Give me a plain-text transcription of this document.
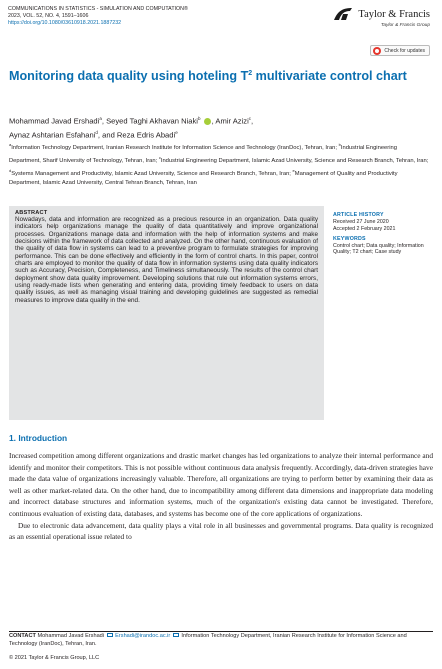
COMMUNICATIONS IN STATISTICS - SIMULATION AND COMPUTATION®
2023, VOL. 52, NO. 4, 1591–1606
https://doi.org/10.1080/03610918.2021.1887232
Taylor & Francis
Taylor & Francis Group
Check for updates
Monitoring data quality using hoteling $T^2$ multivariate control chart
Mohammad Javad Ershadi$^a$, Seyed Taghi Akhavan Niaki$^b$ , Amir Azizi$^c$,
Aynaz Ashtarian Esfahani$^d$, and Reza Edris Abadi$^e$
$^a$Information Technology Department, Iranian Research Institute for Information Science and Technology (IranDoc), Tehran, Iran; $^b$Industrial Engineering Department, Sharif University of Technology, Tehran, Iran; $^c$Industrial Engineering Department, Islamic Azad University, Science and Research Branch, Tehran, Iran; $^d$Systems Management and Productivity, Islamic Azad University, Science and Research Branch, Tehran, Iran; $^e$Management of Quality and Productivity Department, Islamic Azad University, Central Tehran Branch, Tehran, Iran
ABSTRACT
Nowadays, data and information are recognized as a precious resource in an organization. Data quality indicators help organizations manage the quality of data quantitatively and improve organizational processes. Organizations manage data and information with the help of information systems and make decisions within the framework of data collected and analyzed. On the other hand, continuous evaluation of the quality of data flow in systems can lead to a preventive program to formulate strategies for improving performance. This can be done effectively and efficiently in the form of control charts. In this paper, control charts are employed to monitor the quality of data flow in information systems using data quality indicators such as Accuracy, Precision, Completeness, and Timeliness simultaneously. The results of the control chart deployment show data quality improvement. Developing solutions that rule out information systems errors, using ready-made lists when generating and entering data, providing timely feedback to users on data quality issues, as well as managing visual training and developing guidelines are suggested as remedial measures to improve data quality in the end.
ARTICLE HISTORY
Received 27 June 2020
Accepted 2 February 2021
KEYWORDS
Control chart; Data quality; Information Quality; T2 chart; Case study
1. Introduction

Increased competition among different organizations and drastic market changes has led organizations to analyze their internal performance and identify and monitor their competitors. This is not possible without continuous data analysis frequently. Accordingly, data-driven strategies have made the data value of organizations increasingly valuable. Therefore, all organizations are trying to perform better by examining their data as well as other market-related data. On the other hand, due to incompatibility among different data dimensions and inappropriate data modeling and incorrect database structures and information systems, much of the organization's existing data cannot be investigated. Therefore, continuous evaluation of existing data, databases, and systems has become one of the core applications of organizations.

Due to electronic data advancement, data quality plays a vital role in all businesses and governmental programs. Data quality is recognized as an essential operational issue related to

CONTACT Mohammad Javad Ershadi Ershadi@irandoc.ac.ir Information Technology Department, Iranian Research Institute for Information Science and Technology (IranDoc), Tehran, Iran.
© 2021 Taylor & Francis Group, LLC
